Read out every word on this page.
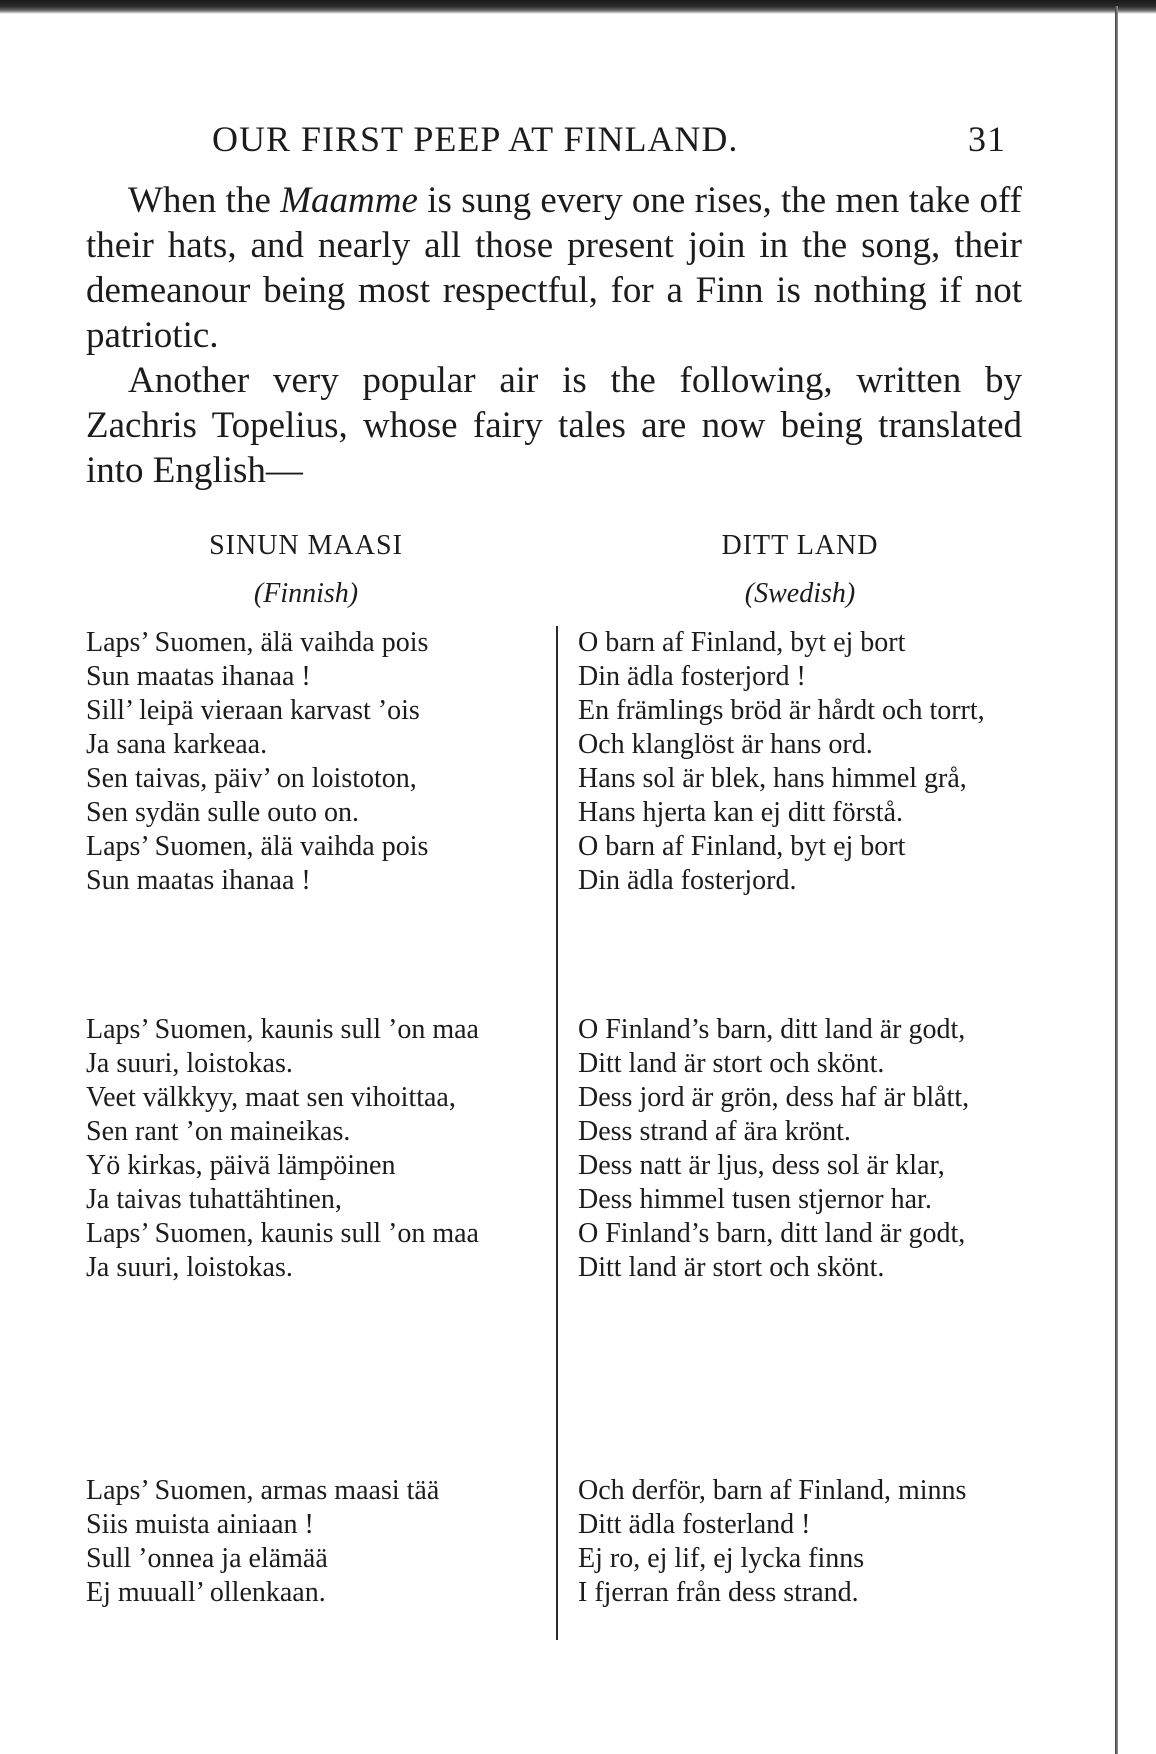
OUR FIRST PEEP AT FINLAND.	31

When the Maamme is sung every one rises, the men take off their hats, and nearly all those present join in the song, their demeanour being most respectful, for a Finn is nothing if not patriotic.

Another very popular air is the following, written by Zachris Topelius, whose fairy tales are now being translated into English—

SINUN MAASI
(Finnish)
DITT LAND
(Swedish)
Laps’ Suomen, älä vaihda pois
Sun maatas ihanaa !
Sill’ leipä vieraan karvast ’ois
Ja sana karkeaa.
Sen taivas, päiv’ on loistoton,
Sen sydän sulle outo on.
Laps’ Suomen, älä vaihda pois
Sun maatas ihanaa !
O barn af Finland, byt ej bort
Din ädla fosterjord !
En främlings bröd är hårdt och torrt,
Och klanglöst är hans ord.
Hans sol är blek, hans himmel grå,
Hans hjerta kan ej ditt förstå.
O barn af Finland, byt ej bort
Din ädla fosterjord.
Laps’ Suomen, kaunis sull ’on maa
Ja suuri, loistokas.
Veet välkkyy, maat sen vihoittaa,
Sen rant ’on maineikas.
Yö kirkas, päivä lämpöinen
Ja taivas tuhattähtinen,
Laps’ Suomen, kaunis sull ’on maa
Ja suuri, loistokas.
O Finland’s barn, ditt land är godt,
Ditt land är stort och skönt.
Dess jord är grön, dess haf är blått,
Dess strand af ära krönt.
Dess natt är ljus, dess sol är klar,
Dess himmel tusen stjernor har.
O Finland’s barn, ditt land är godt,
Ditt land är stort och skönt.
Laps’ Suomen, armas maasi tää
Siis muista ainiaan !
Sull ’onnea ja elämää
Ej muuall’ ollenkaan.
Och derför, barn af Finland, minns
Ditt ädla fosterland !
Ej ro, ej lif, ej lycka finns
I fjerran från dess strand.
